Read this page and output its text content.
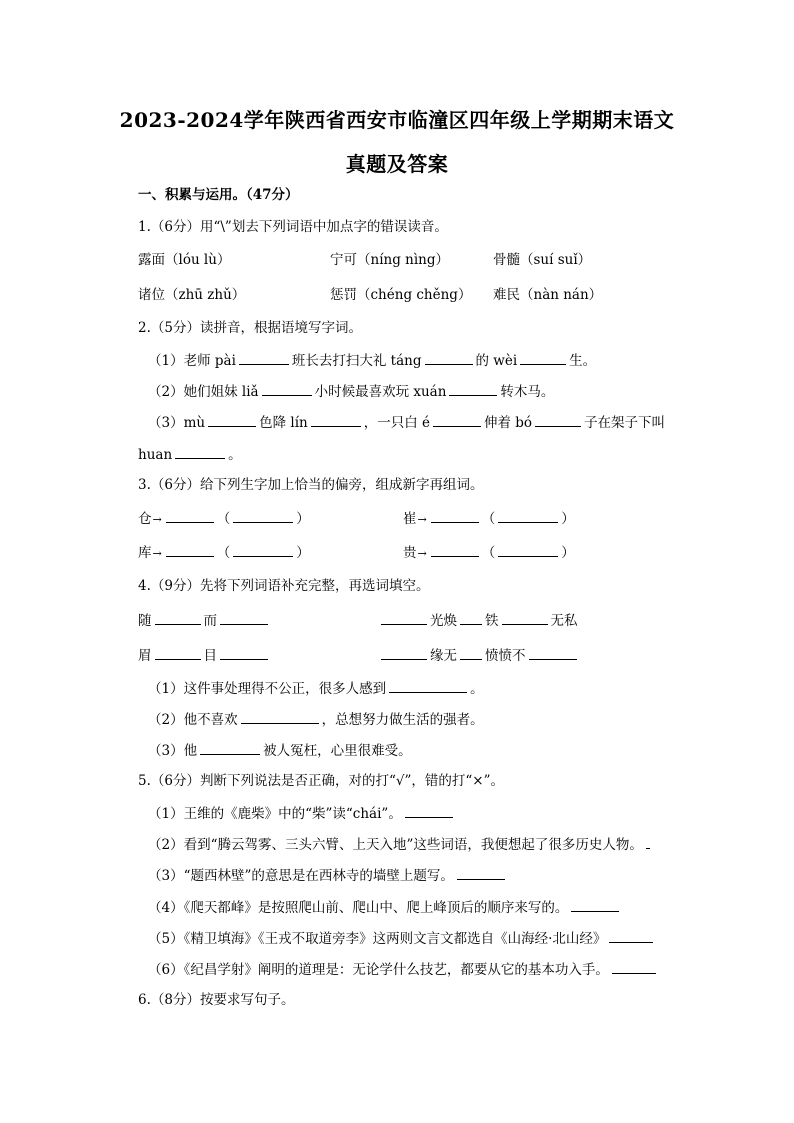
2023-2024学年陕西省西安市临潼区四年级上学期期末语文
真题及答案
一、积累与运用。（47分）
1.（6分）用“\”划去下列词语中加点字的错误读音。
露面（lóu lù）	宁可（níng nìng）	骨髓（suí suǐ）
诸位（zhū zhǔ）	惩罚（chéng chěng） 难民（nàn nán）
2.（5分）读拼音，根据语境写字词。
（1）老师 pài	班长去打扫大礼 táng	的 wèi	生。
（2）她们姐妹 liǎ	小时候最喜欢玩 xuán	转木马。
（3）mù	色降 lín	，一只白 é	伸着 bó	子在架子下叫
huan	。
3.（6分）给下列生字加上恰当的偏旁，组成新字再组词。
仓→	（	）	崔→	（	）
库→	（	）	贵→	（	）
4.（9分）先将下列词语补充完整，再选词填空。
随	而	光焕 铁	无私
眉	目	缘无 愤愤不
（1）这件事处理得不公正，很多人感到	。
（2）他不喜欢	，总想努力做生活的强者。
（3）他	被人冤枉，心里很难受。
5.（6分）判断下列说法是否正确，对的打“√”，错的打“×”。
（1）王维的《鹿柴》中的“柴”读“chái”。
（2）看到“腾云驾雾、三头六臂、上天入地”这些词语，我便想起了很多历史人物。
（3）“题西林壁”的意思是在西林寺的墙壁上题写。
（4）《爬天都峰》是按照爬山前、爬山中、爬上峰顶后的顺序来写的。
（5）《精卫填海》《王戎不取道旁李》这两则文言文都选自《山海经·北山经》
（6）《纪昌学射》阐明的道理是：无论学什么技艺，都要从它的基本功入手。
6.（8分）按要求写句子。
